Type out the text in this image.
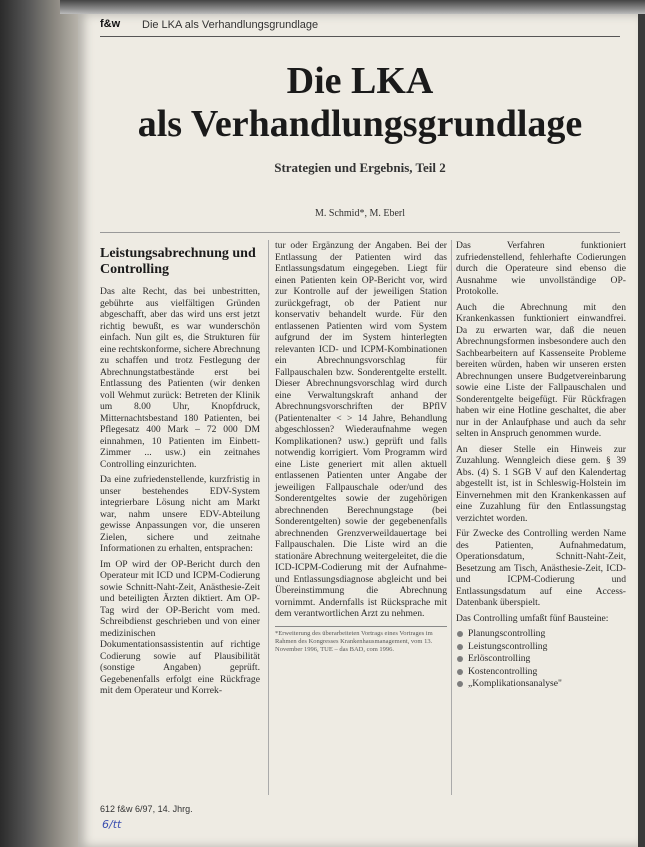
f&w Die LKA als Verhandlungsgrundlage
Die LKA
als Verhandlungsgrundlage
Strategien und Ergebnis, Teil 2
M. Schmid*, M. Eberl
Leistungsabrechnung und Controlling

Das alte Recht, das bei unbestritten, gebührte aus vielfältigen Gründen abgeschafft, aber das wird uns erst jetzt richtig bewußt, es war wunderschön einfach. Nun gilt es, die Strukturen für eine rechtskonforme, sichere Abrechnung zu schaffen und trotz Festlegung der Abrechnungstatbestände erst bei Entlassung des Patienten (wir denken voll Wehmut zurück: Betreten der Klinik um 8.00 Uhr, Knopfdruck, Mitternachtsbestand 180 Patienten, bei Pflegesatz 400 Mark – 72 000 DM einnahmen, 10 Patienten im Einbett-Zimmer ... usw.) ein zeitnahes Controlling einzurichten.

Da eine zufriedenstellende, kurzfristig in unser bestehendes EDV-System integrierbare Lösung nicht am Markt war, nahm unsere EDV-Abteilung gewisse Anpassungen vor, die unseren Zielen, sichere und zeitnahe Informationen zu erhalten, entsprachen:

Im OP wird der OP-Bericht durch den Operateur mit ICD und ICPM-Codierung sowie Schnitt-Naht-Zeit, Anästhesie-Zeit und beteiligten Ärzten diktiert. Am OP-Tag wird der OP-Bericht vom med. Schreibdienst geschrieben und von einer medizinischen Dokumentationsassistentin auf richtige Codierung sowie auf Plausibilität (sonstige Angaben) geprüft. Gegebenenfalls erfolgt eine Rückfrage mit dem Operateur und Korrek-

tur oder Ergänzung der Angaben. Bei der Entlassung der Patienten wird das Entlassungsdatum eingegeben. Liegt für einen Patienten kein OP-Bericht vor, wird zur Kontrolle auf der jeweiligen Station zurückgefragt, ob der Patient nur konservativ behandelt wurde. Für den entlassenen Patienten wird vom System aufgrund der im System hinterlegten relevanten ICD- und ICPM-Kombinationen ein Abrechnungsvorschlag für Fallpauschalen bzw. Sonderentgelte erstellt. Dieser Abrechnungsvorschlag wird durch eine Verwaltungskraft anhand der Abrechnungsvorschriften der BPflV (Patientenalter < > 14 Jahre, Behandlung abgeschlossen? Wiederaufnahme wegen Komplikationen? usw.) geprüft und falls notwendig korrigiert. Vom Programm wird eine Liste generiert mit allen aktuell entlassenen Patienten unter Angabe der jeweiligen Fallpauschale oder/und des Sonderentgeltes sowie der zugehörigen abrechnenden Berechnungstage (bei Sonderentgelten) sowie der gegebenenfalls abrechnenden Grenzverweildauertage bei Fallpauschalen. Die Liste wird an die stationäre Abrechnung weitergeleitet, die die ICD-ICPM-Codierung mit der Aufnahme- und Entlassungsdiagnose abgleicht und bei Übereinstimmung die Abrechnung vornimmt. Andernfalls ist Rücksprache mit dem verantwortlichen Arzt zu nehmen.

*Erweiterung des überarbeiteten Vortrags eines Vortrages im Rahmen des Kongresses Krankenhausmanagement, vom 13. November 1996, TUE – das BAD, com 1996.

Das Verfahren funktioniert zufriedenstellend, fehlerhafte Codierungen durch die Operateure sind ebenso die Ausnahme wie unvollständige OP-Protokolle.

Auch die Abrechnung mit den Krankenkassen funktioniert einwandfrei. Da zu erwarten war, daß die neuen Abrechnungsformen insbesondere auch den Sachbearbeitern auf Kassenseite Probleme bereiten würden, haben wir unseren ersten Abrechnungen unsere Budgetvereinbarung sowie eine Liste der Fallpauschalen und Sonderentgelte beigefügt. Für Rückfragen haben wir eine Hotline geschaltet, die aber nur in der Anlaufphase und auch da sehr selten in Anspruch genommen wurde.

An dieser Stelle ein Hinweis zur Zuzahlung. Wenngleich diese gem. § 39 Abs. (4) S. 1 SGB V auf den Kalendertag abgestellt ist, ist in Schleswig-Holstein im Einvernehmen mit den Krankenkassen auf eine Zuzahlung für den Entlassungstag verzichtet worden.

Für Zwecke des Controlling werden Name des Patienten, Aufnahmedatum, Operationsdatum, Schnitt-Naht-Zeit, Besetzung am Tisch, Anästhesie-Zeit, ICD- und ICPM-Codierung und Entlassungsdatum auf eine Access-Datenbank überspielt.

Das Controlling umfaßt fünf Bausteine:

Planungscontrolling
Leistungscontrolling
Erlöscontrolling
Kostencontrolling
„Komplikationsanalyse"
612 f&w 6/97, 14. Jhrg.
6/tt
